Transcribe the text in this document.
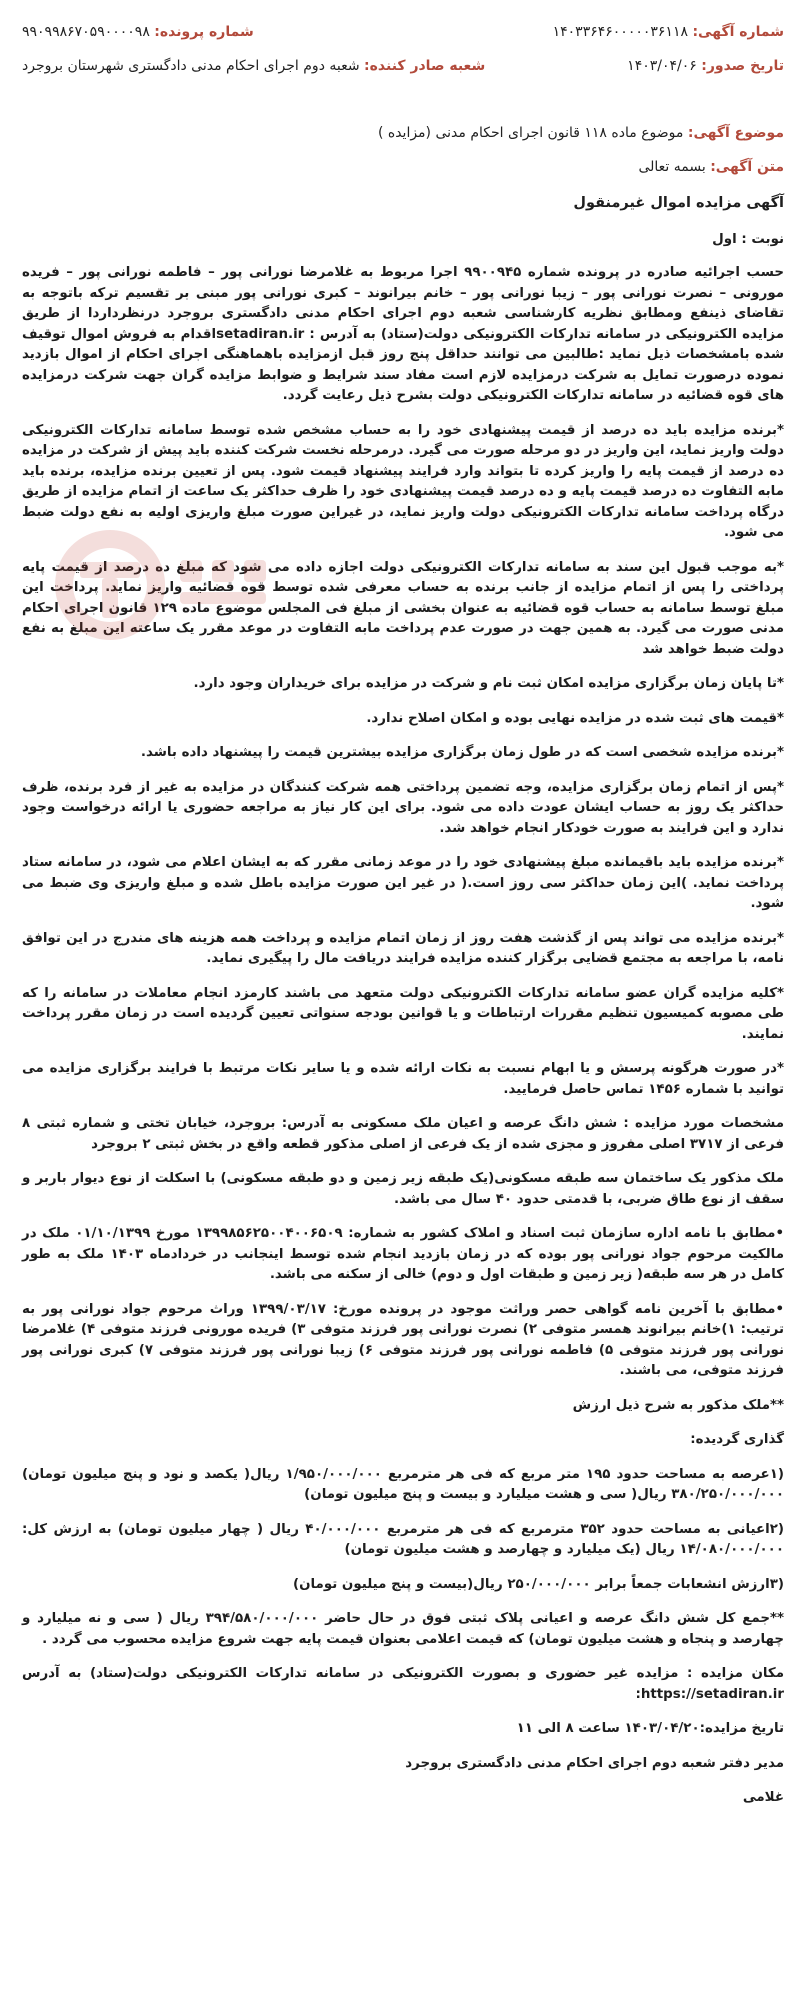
شماره آگهی: ۱۴۰۳۳۶۴۶۰۰۰۰۰۳۶۱۱۸
شماره پرونده: ۹۹۰۹۹۸۶۷۰۵۹۰۰۰۰۹۸
تاریخ صدور: ۱۴۰۳/۰۴/۰۶
شعبه صادر کننده: شعبه دوم اجرای احکام مدنی دادگستری شهرستان بروجرد
موضوع آگهی: موضوع ماده ۱۱۸ قانون اجرای احکام مدنی (مزایده )
متن آگهی: بسمه تعالی

آگهی مزایده اموال غیرمنقول

نوبت : اول

حسب اجرائیه صادره در پرونده شماره ۹۹۰۰۹۴۵ اجرا مربوط به غلامرضا نورانی پور – فاطمه نورانی پور – فریده مورونی – نصرت نورانی پور – زیبا نورانی پور – خانم بیرانوند – کبری نورانی پور مبنی بر تقسیم ترکه باتوجه به تقاضای ذینفع ومطابق نظریه کارشناسی شعبه دوم اجرای احکام مدنی دادگستری بروجرد درنظرداردا از طریق مزایده الکترونیکی در سامانه تدارکات الکترونیکی دولت(ستاد) به آدرس : setadiran.irاقدام به فروش اموال توقیف شده بامشخصات ذیل نماید :طالبین می توانند حداقل پنج روز قبل ازمزایده باهماهنگی اجرای احکام از اموال بازدید نموده درصورت تمایل به شرکت درمزایده لازم است مفاد سند شرایط و ضوابط مزایده گران جهت شرکت درمزایده های قوه قضائیه در سامانه تدارکات الکترونیکی دولت بشرح ذیل رعایت گردد.

*برنده مزایده باید ده درصد از قیمت پیشنهادی خود را به حساب مشخص شده توسط سامانه تدارکات الکترونیکی دولت واریز نماید، این واریز در دو مرحله صورت می گیرد. درمرحله نخست شرکت کننده باید پیش از شرکت در مزایده ده درصد از قیمت پایه را واریز کرده تا بتواند وارد فرایند پیشنهاد قیمت شود. پس از تعیین برنده مزایده، برنده باید مابه التفاوت ده درصد قیمت پایه و ده درصد قیمت پیشنهادی خود را ظرف حداکثر یک ساعت از اتمام مزایده از طریق درگاه پرداخت سامانه تدارکات الکترونیکی دولت واریز نماید، در غیراین صورت مبلغ واریزی اولیه به نفع دولت ضبط می شود.

*به موجب قبول این سند به سامانه تدارکات الکترونیکی دولت اجازه داده می شود که مبلغ ده درصد از قیمت پایه پرداختی را پس از اتمام مزایده از جانب برنده به حساب معرفی شده توسط قوه قضائیه واریز نماید. پرداخت این مبلغ توسط سامانه به حساب قوه قضائیه به عنوان بخشی از مبلغ فی المجلس موضوع ماده ۱۲۹ قانون اجرای احکام مدنی صورت می گیرد. به همین جهت در صورت عدم پرداخت مابه التفاوت در موعد مقرر یک ساعته این مبلغ به نفع دولت ضبط خواهد شد

*تا پایان زمان برگزاری مزایده امکان ثبت نام و شرکت در مزایده برای خریداران وجود دارد.

*قیمت های ثبت شده در مزایده نهایی بوده و امکان اصلاح ندارد.

*برنده مزایده شخصی است که در طول زمان برگزاری مزایده بیشترین قیمت را پیشنهاد داده باشد.

*پس از اتمام زمان برگزاری مزایده، وجه تضمین پرداختی همه شرکت کنندگان در مزایده به غیر از فرد برنده، ظرف حداکثر یک روز به حساب ایشان عودت داده می شود. برای این کار نیاز به مراجعه حضوری یا ارائه درخواست وجود ندارد و این فرایند به صورت خودکار انجام خواهد شد.

*برنده مزایده باید باقیمانده مبلغ پیشنهادی خود را در موعد زمانی مقرر که به ایشان اعلام می شود، در سامانه ستاد پرداخت نماید. )این زمان حداکثر سی روز است.( در غیر این صورت مزایده باطل شده و مبلغ واریزی وی ضبط می شود.

*برنده مزایده می تواند پس از گذشت هفت روز از زمان اتمام مزایده و پرداخت همه هزینه های مندرج در این توافق نامه، با مراجعه به مجتمع قضایی برگزار کننده مزایده فرایند دریافت مال را پیگیری نماید.

*کلیه مزایده گران عضو سامانه تدارکات الکترونیکی دولت متعهد می باشند کارمزد انجام معاملات در سامانه را که طی مصوبه کمیسیون تنظیم مقررات ارتباطات و یا قوانین بودجه سنواتی تعیین گردیده است در زمان مقرر پرداخت نمایند.

*در صورت هرگونه پرسش و یا ابهام نسبت به نکات ارائه شده و یا سایر نکات مرتبط با فرایند برگزاری مزایده می توانید با شماره ۱۴۵۶ تماس حاصل فرمایید.

مشخصات مورد مزایده : شش دانگ عرصه و اعیان ملک مسکونی به آدرس: بروجرد، خیابان تختی و شماره ثبتی ۸ فرعی از ۳۷۱۷ اصلی مفروز و مجزی شده از یک فرعی از اصلی مذکور قطعه واقع در بخش ثبتی ۲ بروجرد

ملک مذکور یک ساختمان سه طبقه مسکونی(یک طبقه زیر زمین و دو طبقه مسکونی) با اسکلت از نوع دیوار باربر و سقف از نوع طاق ضربی، با قدمتی حدود ۴۰ سال می باشد.

•مطابق با نامه اداره سازمان ثبت اسناد و املاک کشور به شماره: ۱۳۹۹۸۵۶۲۵۰۰۴۰۰۶۵۰۹ مورخ ۰۱/۱۰/۱۳۹۹ ملک در مالکیت مرحوم جواد نورانی پور بوده که در زمان بازدید انجام شده توسط اینجانب در خردادماه ۱۴۰۳ ملک به طور کامل در هر سه طبقه( زیر زمین و طبقات اول و دوم) خالی از سکنه می باشد.

•مطابق با آخرین نامه گواهی حصر وراثت موجود در پرونده مورخ: ۱۳۹۹/۰۳/۱۷ وراث مرحوم جواد نورانی پور به ترتیب: ۱)خانم بیرانوند همسر متوفی ۲) نصرت نورانی پور فرزند متوفی ۳) فریده مورونی فرزند متوفی ۴) غلامرضا نورانی پور فرزند متوفی ۵) فاطمه نورانی پور فرزند متوفی ۶) زیبا نورانی پور فرزند متوفی ۷) کبری نورانی پور فرزند متوفی، می باشند.

**ملک مذکور به شرح ذیل ارزش

گذاری گردیده:

(۱عرصه به مساحت حدود ۱۹۵ متر مربع که فی هر مترمربع ۱/۹۵۰/۰۰۰/۰۰۰ ریال( یکصد و نود و پنج میلیون تومان) ۳۸۰/۲۵۰/۰۰۰/۰۰۰ ریال( سی و هشت میلیارد و بیست و پنج میلیون تومان)

(۲اعیانی به مساحت حدود ۳۵۲ مترمربع که فی هر مترمربع ۴۰/۰۰۰/۰۰۰ ریال ( چهار میلیون تومان) به ارزش کل: ۱۴/۰۸۰/۰۰۰/۰۰۰ ریال (یک میلیارد و چهارصد و هشت میلیون تومان)

(۳ارزش انشعابات جمعاً برابر ۲۵۰/۰۰۰/۰۰۰ ریال(بیست و پنج میلیون تومان)

**جمع کل شش دانگ عرصه و اعیانی پلاک ثبتی فوق در حال حاضر ۳۹۴/۵۸۰/۰۰۰/۰۰۰ ریال ( سی و نه میلیارد و چهارصد و پنجاه و هشت میلیون تومان) که قیمت اعلامی بعنوان قیمت پایه جهت شروع مزایده محسوب می گردد .

مکان مزایده : مزایده غیر حضوری و بصورت الکترونیکی در سامانه تدارکات الکترونیکی دولت(ستاد) به آدرس https://setadiran.ir:

تاریخ مزایده:۱۴۰۳/۰۴/۲۰ ساعت ۸ الی ۱۱

مدیر دفتر شعبه دوم اجرای احکام مدنی دادگستری بروجرد

غلامی
